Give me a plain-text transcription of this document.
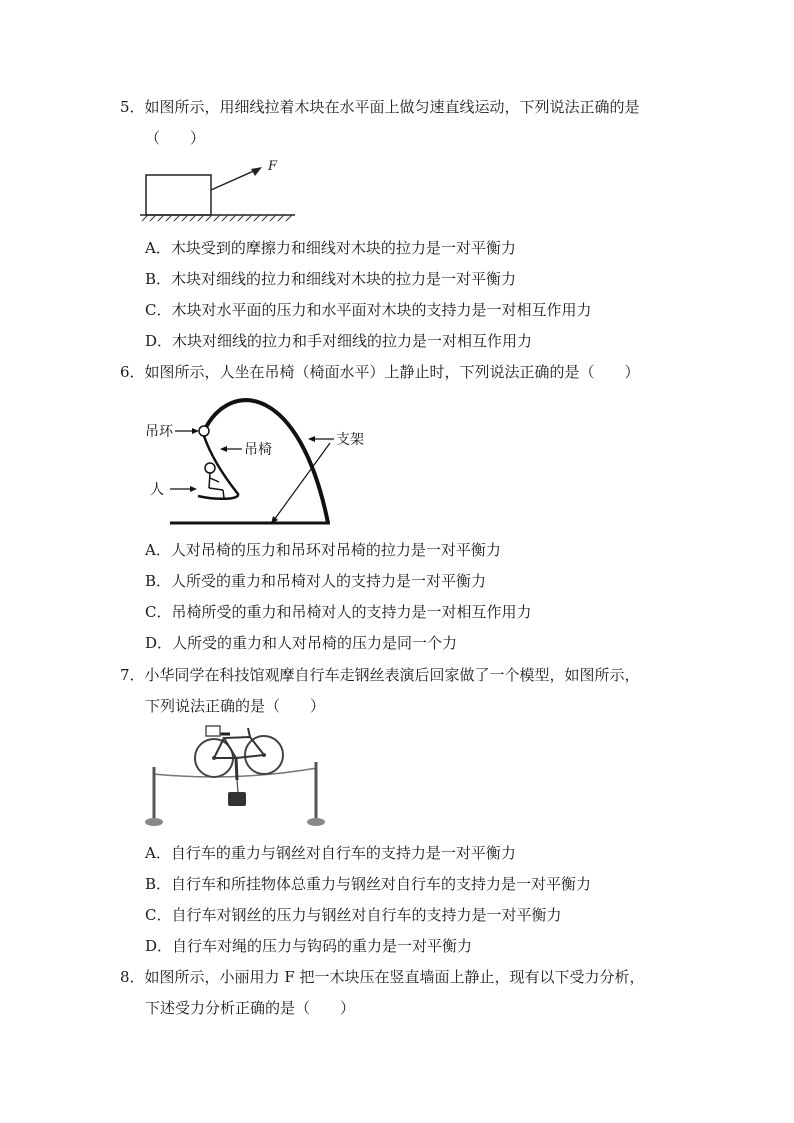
5．如图所示，用细线拉着木块在水平面上做匀速直线运动，下列说法正确的是
（　　）
F
A．木块受到的摩擦力和细线对木块的拉力是一对平衡力
B．木块对细线的拉力和细线对木块的拉力是一对平衡力
C．木块对水平面的压力和水平面对木块的支持力是一对相互作用力
D．木块对细线的拉力和手对细线的拉力是一对相互作用力
6．如图所示，人坐在吊椅（椅面水平）上静止时，下列说法正确的是（　　）
吊环
吊椅
支架
人
A．人对吊椅的压力和吊环对吊椅的拉力是一对平衡力
B．人所受的重力和吊椅对人的支持力是一对平衡力
C．吊椅所受的重力和吊椅对人的支持力是一对相互作用力
D．人所受的重力和人对吊椅的压力是同一个力
7．小华同学在科技馆观摩自行车走钢丝表演后回家做了一个模型，如图所示，
下列说法正确的是（　　）
A．自行车的重力与钢丝对自行车的支持力是一对平衡力
B．自行车和所挂物体总重力与钢丝对自行车的支持力是一对平衡力
C．自行车对钢丝的压力与钢丝对自行车的支持力是一对平衡力
D．自行车对绳的压力与钩码的重力是一对平衡力
8．如图所示，小丽用力 F 把一木块压在竖直墙面上静止，现有以下受力分析，
下述受力分析正确的是（　　）
